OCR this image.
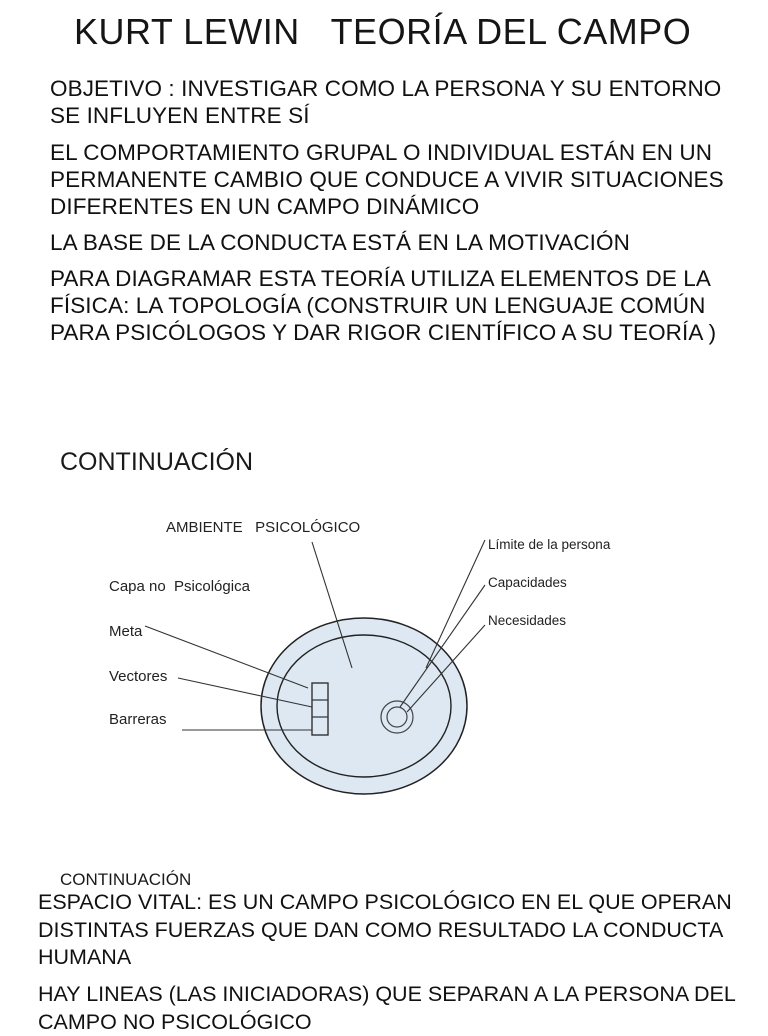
KURT LEWIN   TEORÍA DEL CAMPO
OBJETIVO : INVESTIGAR COMO LA PERSONA Y SU ENTORNO SE INFLUYEN ENTRE SÍ
EL COMPORTAMIENTO GRUPAL O INDIVIDUAL ESTÁN EN UN PERMANENTE CAMBIO QUE CONDUCE A VIVIR SITUACIONES DIFERENTES EN UN CAMPO DINÁMICO
LA BASE DE LA CONDUCTA ESTÁ EN LA MOTIVACIÓN
PARA DIAGRAMAR ESTA TEORÍA UTILIZA ELEMENTOS DE LA FÍSICA: LA TOPOLOGÍA (CONSTRUIR UN LENGUAJE COMÚN PARA PSICÓLOGOS Y DAR RIGOR CIENTÍFICO A SU TEORÍA )
CONTINUACIÓN
AMBIENTE   PSICOLÓGICO
Capa no  Psicológica
Meta
Vectores
Barreras
Límite de la persona
Capacidades
Necesidades
CONTINUACIÓN
ESPACIO VITAL: ES UN CAMPO PSICOLÓGICO EN EL QUE OPERAN DISTINTAS FUERZAS QUE DAN COMO RESULTADO LA CONDUCTA HUMANA
HAY LINEAS (LAS INICIADORAS) QUE SEPARAN A LA PERSONA DEL CAMPO NO PSICOLÓGICO
